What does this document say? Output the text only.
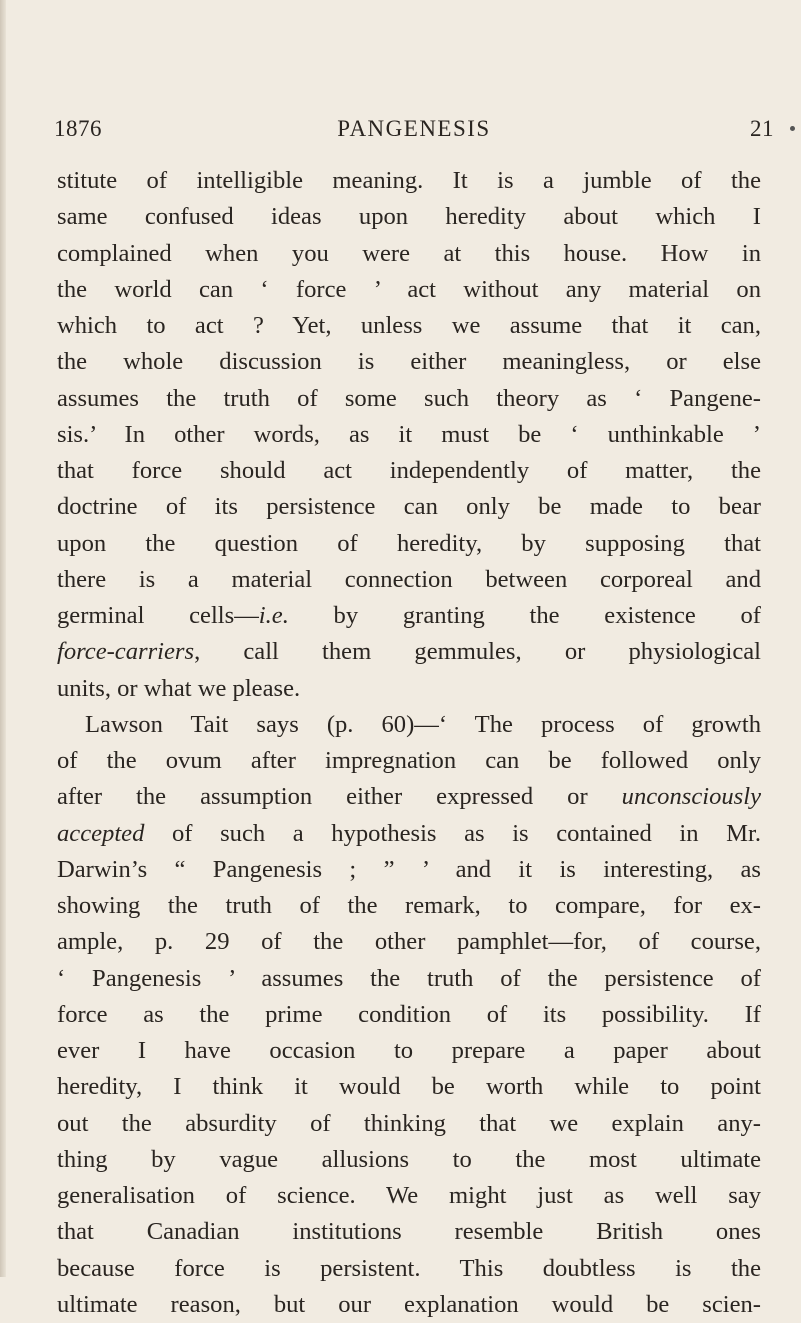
1876	PANGENESIS	21
stitute of intelligible meaning. It is a jumble of the
same confused ideas upon heredity about which I
complained when you were at this house. How in
the world can ‘ force ’ act without any material on
which to act ? Yet, unless we assume that it can,
the whole discussion is either meaningless, or else
assumes the truth of some such theory as ‘ Pangene-
sis.’ In other words, as it must be ‘ unthinkable ’
that force should act independently of matter, the
doctrine of its persistence can only be made to bear
upon the question of heredity, by supposing that
there is a material connection between corporeal and
germinal cells—i.e. by granting the existence of
force-carriers, call them gemmules, or physiological
units, or what we please.
Lawson Tait says (p. 60)—‘ The process of growth
of the ovum after impregnation can be followed only
after the assumption either expressed or unconsciously
accepted of such a hypothesis as is contained in Mr.
Darwin’s “ Pangenesis ; ” ’ and it is interesting, as
showing the truth of the remark, to compare, for ex-
ample, p. 29 of the other pamphlet—for, of course,
‘ Pangenesis ’ assumes the truth of the persistence of
force as the prime condition of its possibility. If
ever I have occasion to prepare a paper about
heredity, I think it would be worth while to point
out the absurdity of thinking that we explain any-
thing by vague allusions to the most ultimate
generalisation of science. We might just as well say
that Canadian institutions resemble British ones
because force is persistent. This doubtless is the
ultimate reason, but our explanation would be scien-
